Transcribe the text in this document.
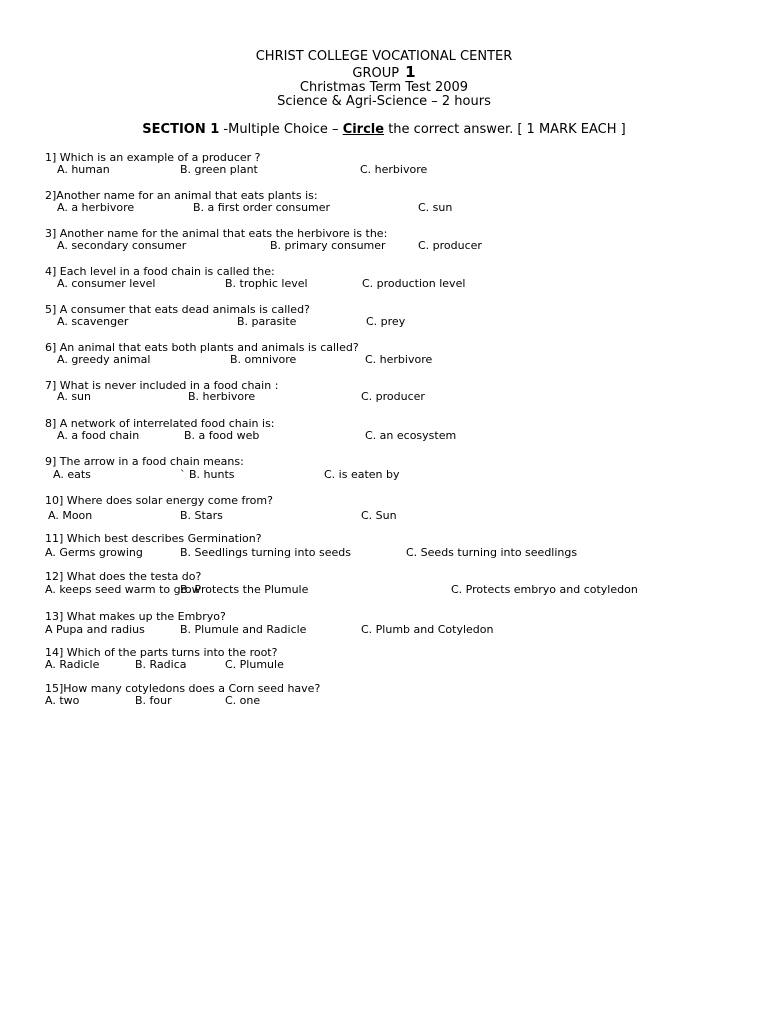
CHRIST COLLEGE VOCATIONAL CENTER
GROUP 1
Christmas Term Test 2009
Science & Agri-Science – 2 hours
SECTION 1 -Multiple Choice – Circle the correct answer. [ 1 MARK EACH ]
1] Which is an example of a producer ?
A. human	B. green plant	C. herbivore
2]Another name for an animal that eats plants is:
A. a herbivore	B. a first order consumer	C. sun
3] Another name for the animal that eats the herbivore is the:
A. secondary consumer	B. primary consumer	C. producer
4] Each level in a food chain is called the:
A. consumer level	B. trophic level	C. production level
5] A consumer that eats dead animals is called?
A. scavenger	B. parasite	C. prey
6] An animal that eats both plants and animals is called?
A. greedy animal	B. omnivore	C. herbivore
7] What is never included in a food chain :
A. sun	B. herbivore	C. producer
8] A network of interrelated food chain is:
A. a food chain	B. a food web	C. an ecosystem
9] The arrow in a food chain means:
A. eats	` B. hunts	C. is eaten by
10] Where does solar energy come from?
A. Moon	B. Stars	C. Sun
11] Which best describes Germination?
A. Germs growing	B. Seedlings turning into seeds	C. Seeds turning into seedlings
12] What does the testa do?
A. keeps seed warm to grow
B. Protects the Plumule	C. Protects embryo and cotyledon
13] What makes up the Embryo?
A Pupa and radius	B. Plumule and Radicle	C. Plumb and Cotyledon
14] Which of the parts turns into the root?
A. Radicle	B. Radica	C. Plumule
15]How many cotyledons does a Corn seed have?
A. two	B. four	C. one
